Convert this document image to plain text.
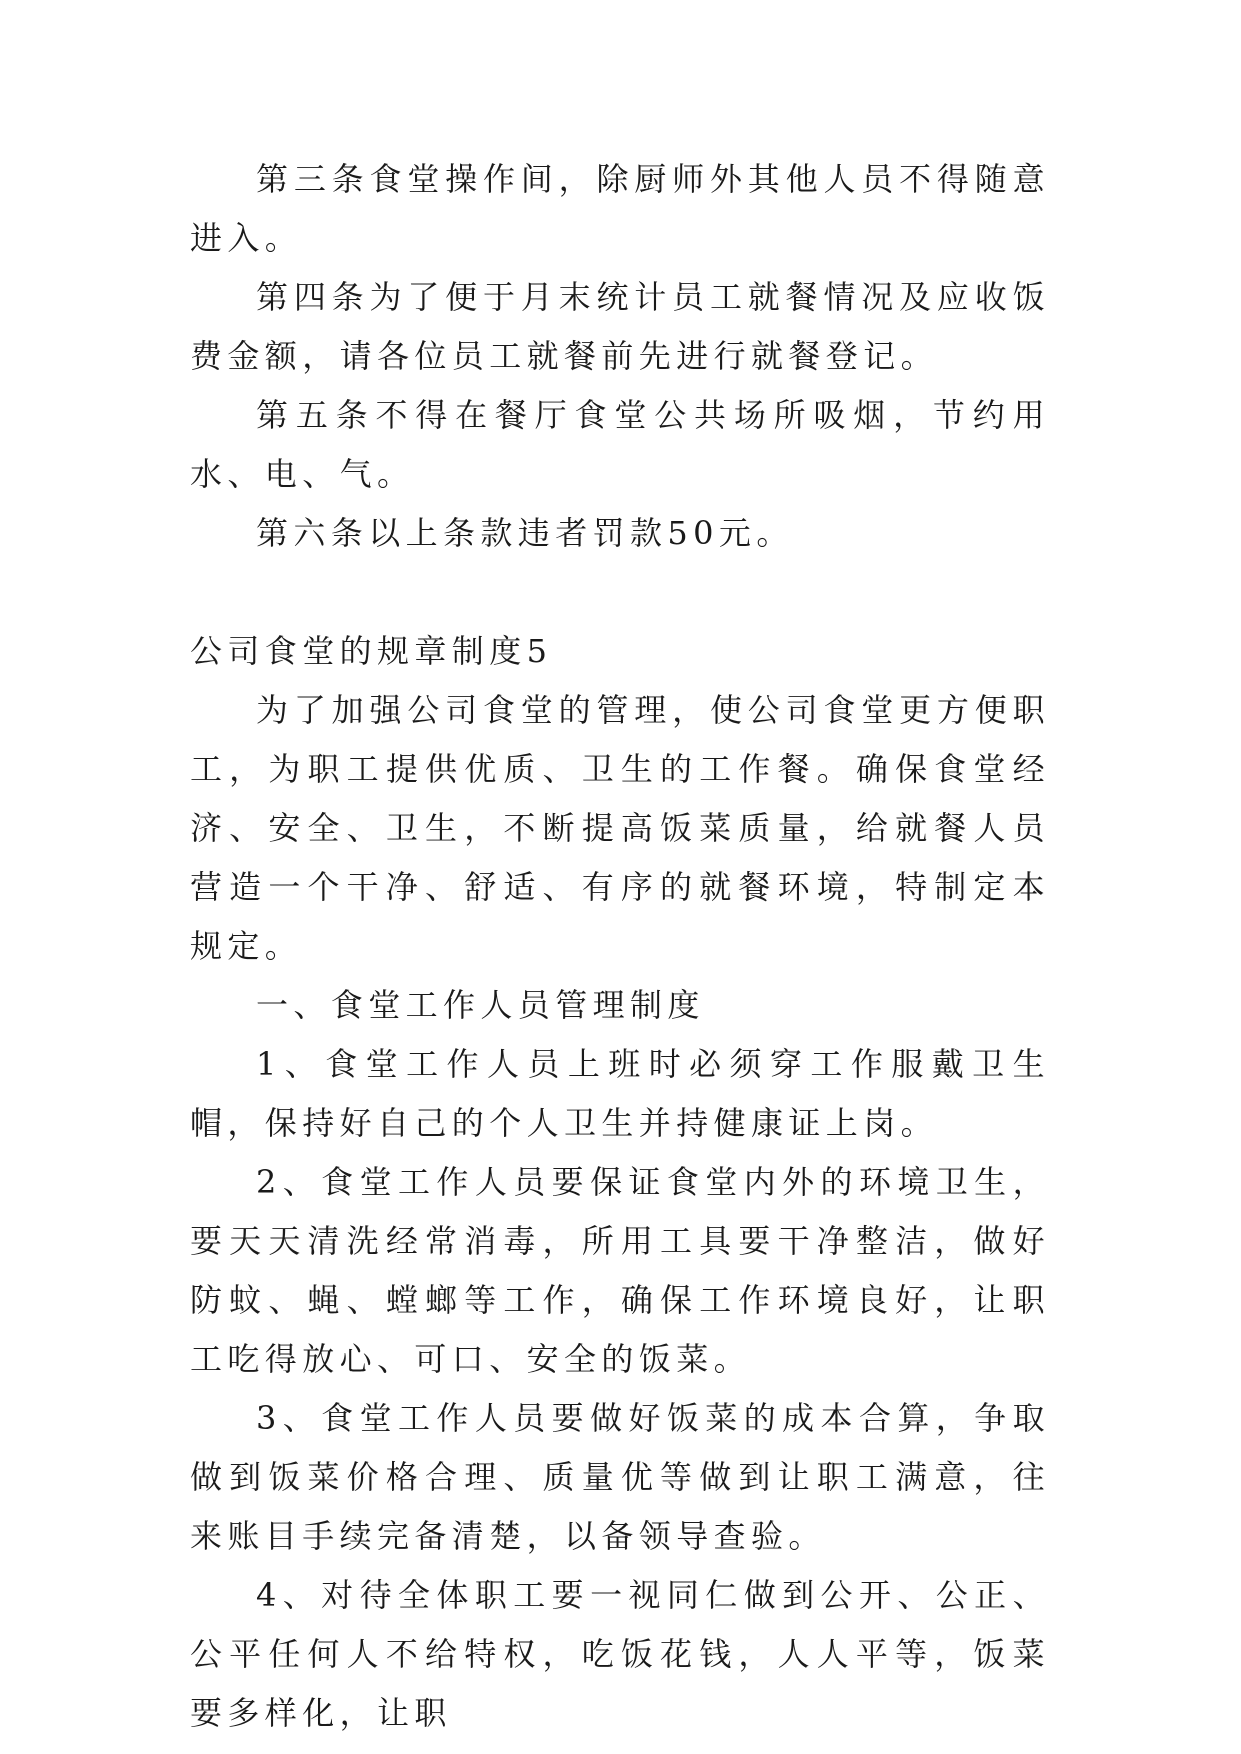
第三条食堂操作间，除厨师外其他人员不得随意进入。

第四条为了便于月末统计员工就餐情况及应收饭费金额，请各位员工就餐前先进行就餐登记。

第五条不得在餐厅食堂公共场所吸烟，节约用水、电、气。

第六条以上条款违者罚款50元。

公司食堂的规章制度5

为了加强公司食堂的管理，使公司食堂更方便职工，为职工提供优质、卫生的工作餐。确保食堂经济、安全、卫生，不断提高饭菜质量，给就餐人员营造一个干净、舒适、有序的就餐环境，特制定本规定。

一、食堂工作人员管理制度

1、食堂工作人员上班时必须穿工作服戴卫生帽，保持好自己的个人卫生并持健康证上岗。

2、食堂工作人员要保证食堂内外的环境卫生，要天天清洗经常消毒，所用工具要干净整洁，做好防蚊、蝇、螳螂等工作，确保工作环境良好，让职工吃得放心、可口、安全的饭菜。

3、食堂工作人员要做好饭菜的成本合算，争取做到饭菜价格合理、质量优等做到让职工满意，往来账目手续完备清楚，以备领导查验。

4、对待全体职工要一视同仁做到公开、公正、公平任何人不给特权，吃饭花钱，人人平等，饭菜要多样化，让职
